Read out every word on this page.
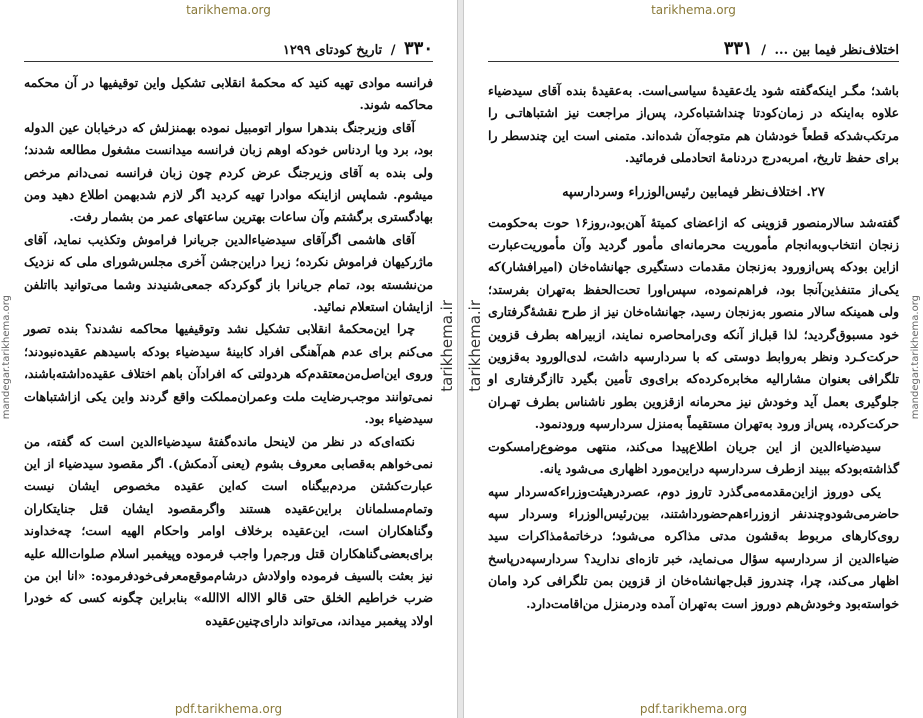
tarikhema.org
۳۳۰ / تاریخ کودتای ۱۲۹۹
mandegar.tarikhema.org	tarikhema.ir

فرانسه موادی تهیه کنید که محکمهٔ انقلابی تشکیل واین توقیفیها در آن محکمه محاکمه شوند.

آقای وزیرجنگ بندهرا سوار اتومبیل نموده بهمنزلش که درخیابان عین الدوله بود، برد وبا اردناس خودکه اوهم زبان فرانسه میدانست مشغول مطالعه شدند؛ ولی بنده به آقای وزیرجنگ عرض کردم چون زبان فرانسه نمی‌دانم مرخص میشوم. شماپس ازاینکه موادرا تهیه کردید اگر لازم شدبهمن اطلاع دهید ومن بهادگستری برگشتم وآن ساعات بهترین ساعتهای عمر من بشمار رفت.

آقای هاشمی اگرآقای سیدضیاءالدین جریانرا فراموش وتکذیب نماید، آقای ماژرکیهان فراموش نکرده؛ زیرا دراین‌جشن آخری مجلس‌شورای ملی که نزدیک من‌نشسته بود، تمام جریانرا باز گوکردکه جمعی‌شنیدند وشما می‌توانید بااتلفن ازایشان استعلام نمائید.

چرا این‌محکمهٔ انقلابی تشکیل نشد وتوقیفیها محاکمه نشدند؟ بنده تصور می‌کنم برای عدم هم‌آهنگی افراد کابینهٔ سیدضیاء بودکه باسیدهم عقیده‌نبودند؛ وروی این‌اصل‌من‌معتقدم‌که هردولتی که افرادآن باهم اختلاف عقیده‌داشته‌باشند، نمی‌توانند موجب‌رضایت ملت وعمران‌مملکت واقع گردند واین یکی ازاشتباهات سیدضیاء بود.

نکته‌ای‌که در نظر من لاینحل مانده‌گفتهٔ سیدضیاءالدین است که گفته، من نمی‌خواهم به‌قصابی معروف بشوم (یعنی آدمکش). اگر مقصود سیدضیاء از این عبارت‌کشتن مردم‌بیگناه است که‌این عقیده مخصوص ایشان نیست وتمام‌مسلمانان براین‌عقیده هستند واگر‌مقصود ایشان قتل جنایتکاران وگناهکاران است، این‌عقیده برخلاف اوامر واحکام الهیه است؛ چه‌خداوند برای‌بعضی‌گناهکاران قتل ورجم‌را واجب فرموده وپیغمبر اسلام صلوات‌الله علیه نیز بعثت بالسیف فرموده واولادش درشام‌موقع‌معرفی‌خودفرموده: «انا ابن من ضرب خراطیم الخلق حتی قالو الااله الاالله» بنابراین چگونه کسی که خودرا اولاد پیغمبر میداند، می‌تواند دارای‌چنین‌عقیده

pdf.tarikhema.org
tarikhema.org
اختلاف‌نظر فیما بین ... / ۳۳۱
tarikhema.ir	mandegar.tarikhema.org

باشد؛ مگـر اینکه‌گفته شود یك‌عقیدهٔ سیاسی‌است. به‌عقیدهٔ بنده آقای سیدضیاء علاوه به‌اینکه در زمان‌کودتا چنداشتباه‌کرد، پس‌از مراجعت نیز اشتباهاتـی را مرتکب‌شدکه قطعاً خودشان هم متوجه‌آن شده‌اند. متمنی است این چندسطر را برای حفظ تاریخ، امربه‌درج دردنامهٔ اتحادملی فرمائید.

۲۷. اختلاف‌نظر فیمابین رئیس‌الوزراء وسردارسپه

گفته‌شد سالارمنصور قزوینی که ازاعضای کمیتهٔ آهن‌بود،روز۱۶ حوت به‌حکومت زنجان انتخاب‌وبه‌انجام مأموریت محرمانه‌ای مأمور گردید وآن مأموریت‌عبارت ازاین بودکه پس‌ازورود به‌زنجان مقدمات دستگیری جهانشاه‌خان (امیرافشار)که یکی‌از متنفذین‌آنجا بود، فراهم‌نموده، سپس‌اورا تحت‌الحفظ به‌تهران بفرستد؛ ولی همینکه سالار منصور به‌زنجان رسید، جهانشاه‌خان نیز از طرح نقشهٔ‌گرفتاری خود مسبوق‌گردید؛ لذا قبل‌از آنکه وی‌رامحاصره نمایند، ازبیراهه بطرف قزوین حرکت‌کـرد ونظر به‌روابط دوستی که با سردارسپه داشت، لدی‌الورود به‌قزوین تلگرافی بعنوان مشارالیه مخابره‌کرده‌که برای‌وی تأمین بگیرد تاازگرفتاری او جلوگیری بعمل آید وخودش نیز محرمانه ازقزوین بطور ناشناس بطرف تهـران حرکت‌کرده، پس‌از ورود به‌تهران مستقیماً به‌منزل سردارسپه ورودنمود.

سیدضیاءالدین از این جریان اطلاع‌پیدا می‌کند، منتهی موضوع‌رامسکوت گذاشته‌بودکه ببیند ازطرف سردارسپه دراین‌مورد اظهاری می‌شود یانه.

یکی دوروز ازاین‌مقدمه‌می‌گذرد تاروز دوم، عصردرهیئت‌وزراءکه‌سردار سپه حاضرمی‌شودوچندنفر ازوزراءهم‌حضورداشتند، بین‌رئیس‌الوزراء وسردار سپه روی‌کارهای مربوط به‌قشون مدتی مذاکره می‌شود؛ درخاتمهٔ‌مذاکرات سید ضیاءالدین از سردارسپه سؤال می‌نماید، خبر تازه‌ای ندارید؟ سردارسپه‌درپاسخ اظهار می‌کند، چرا، چندروز قبل‌جهانشاه‌خان از قزوین بمن تلگرافی کرد وامان خواسته‌بود وخودش‌هم دوروز است به‌تهران آمده ودرمنزل من‌اقامت‌دارد.

pdf.tarikhema.org
